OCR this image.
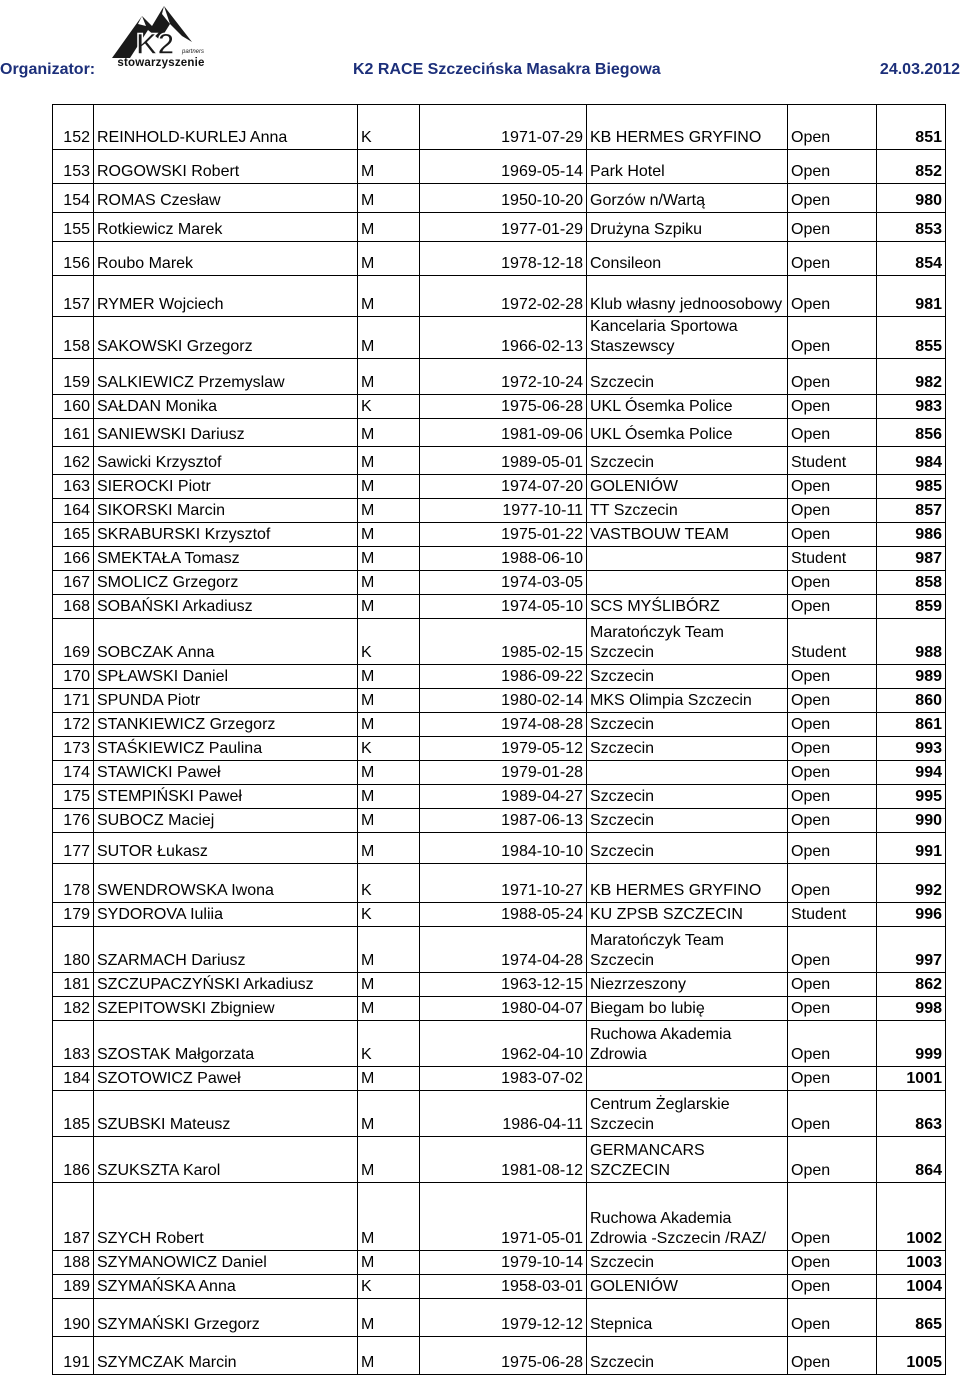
Organizator:
K2 partners
stowarzyszenie	K2 RACE Szczecińska Masakra Biegowa	24.03.2012
152	REINHOLD-KURLEJ Anna	K	1971-07-29	KB HERMES GRYFINO	Open	851
153	ROGOWSKI Robert	M	1969-05-14	Park Hotel	Open	852
154	ROMAS Czesław	M	1950-10-20	Gorzów n/Wartą	Open	980
155	Rotkiewicz Marek	M	1977-01-29	Drużyna Szpiku	Open	853
156	Roubo Marek	M	1978-12-18	Consileon	Open	854
157	RYMER Wojciech	M	1972-02-28	Klub własny jednoosobowy	Open	981
158	SAKOWSKI Grzegorz	M	1966-02-13	Kancelaria Sportowa Staszewscy	Open	855
159	SALKIEWICZ Przemyslaw	M	1972-10-24	Szczecin	Open	982
160	SAŁDAN Monika	K	1975-06-28	UKL Ósemka Police	Open	983
161	SANIEWSKI Dariusz	M	1981-09-06	UKL Ósemka Police	Open	856
162	Sawicki Krzysztof	M	1989-05-01	Szczecin	Student	984
163	SIEROCKI Piotr	M	1974-07-20	GOLENIÓW	Open	985
164	SIKORSKI Marcin	M	1977-10-11	TT Szczecin	Open	857
165	SKRABURSKI Krzysztof	M	1975-01-22	VASTBOUW TEAM	Open	986
166	SMEKTAŁA Tomasz	M	1988-06-10		Student	987
167	SMOLICZ Grzegorz	M	1974-03-05		Open	858
168	SOBAŃSKI Arkadiusz	M	1974-05-10	SCS MYŚLIBÓRZ	Open	859
169	SOBCZAK Anna	K	1985-02-15	Maratończyk Team Szczecin	Student	988
170	SPŁAWSKI Daniel	M	1986-09-22	Szczecin	Open	989
171	SPUNDA Piotr	M	1980-02-14	MKS Olimpia Szczecin	Open	860
172	STANKIEWICZ Grzegorz	M	1974-08-28	Szczecin	Open	861
173	STAŚKIEWICZ Paulina	K	1979-05-12	Szczecin	Open	993
174	STAWICKI Paweł	M	1979-01-28		Open	994
175	STEMPIŃSKI Paweł	M	1989-04-27	Szczecin	Open	995
176	SUBOCZ Maciej	M	1987-06-13	Szczecin	Open	990
177	SUTOR Łukasz	M	1984-10-10	Szczecin	Open	991
178	SWENDROWSKA Iwona	K	1971-10-27	KB HERMES GRYFINO	Open	992
179	SYDOROVA Iuliia	K	1988-05-24	KU ZPSB SZCZECIN	Student	996
180	SZARMACH Dariusz	M	1974-04-28	Maratończyk Team Szczecin	Open	997
181	SZCZUPACZYŃSKI Arkadiusz	M	1963-12-15	Niezrzeszony	Open	862
182	SZEPITOWSKI Zbigniew	M	1980-04-07	Biegam bo lubię	Open	998
183	SZOSTAK Małgorzata	K	1962-04-10	Ruchowa Akademia Zdrowia	Open	999
184	SZOTOWICZ Paweł	M	1983-07-02		Open	1001
185	SZUBSKI Mateusz	M	1986-04-11	Centrum Żeglarskie Szczecin	Open	863
186	SZUKSZTA Karol	M	1981-08-12	GERMANCARS SZCZECIN	Open	864
187	SZYCH Robert	M	1971-05-01	Ruchowa Akademia Zdrowia -Szczecin /RAZ/	Open	1002
188	SZYMANOWICZ Daniel	M	1979-10-14	Szczecin	Open	1003
189	SZYMAŃSKA Anna	K	1958-03-01	GOLENIÓW	Open	1004
190	SZYMAŃSKI Grzegorz	M	1979-12-12	Stepnica	Open	865
191	SZYMCZAK Marcin	M	1975-06-28	Szczecin	Open	1005
